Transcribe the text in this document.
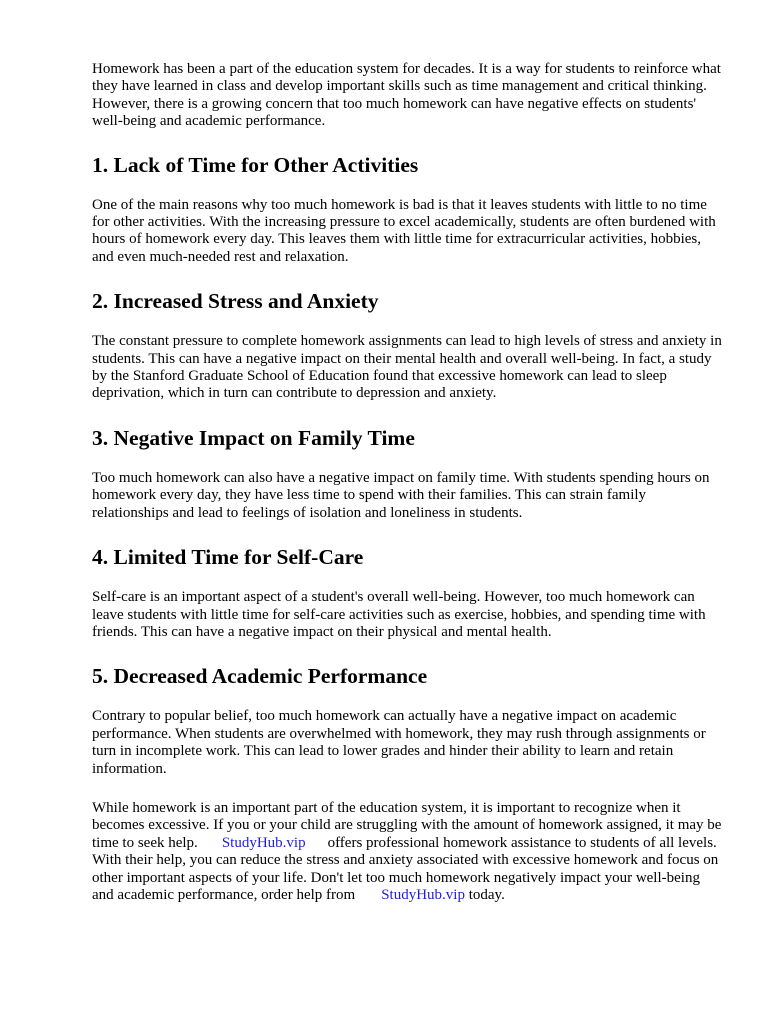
Homework has been a part of the education system for decades. It is a way for students to reinforce what they have learned in class and develop important skills such as time management and critical thinking. However, there is a growing concern that too much homework can have negative effects on students' well-being and academic performance.

1. Lack of Time for Other Activities

One of the main reasons why too much homework is bad is that it leaves students with little to no time for other activities. With the increasing pressure to excel academically, students are often burdened with hours of homework every day. This leaves them with little time for extracurricular activities, hobbies, and even much-needed rest and relaxation.

2. Increased Stress and Anxiety

The constant pressure to complete homework assignments can lead to high levels of stress and anxiety in students. This can have a negative impact on their mental health and overall well-being. In fact, a study by the Stanford Graduate School of Education found that excessive homework can lead to sleep deprivation, which in turn can contribute to depression and anxiety.

3. Negative Impact on Family Time

Too much homework can also have a negative impact on family time. With students spending hours on homework every day, they have less time to spend with their families. This can strain family relationships and lead to feelings of isolation and loneliness in students.

4. Limited Time for Self-Care

Self-care is an important aspect of a student's overall well-being. However, too much homework can leave students with little time for self-care activities such as exercise, hobbies, and spending time with friends. This can have a negative impact on their physical and mental health.

5. Decreased Academic Performance

Contrary to popular belief, too much homework can actually have a negative impact on academic performance. When students are overwhelmed with homework, they may rush through assignments or turn in incomplete work. This can lead to lower grades and hinder their ability to learn and retain information.

While homework is an important part of the education system, it is important to recognize when it becomes excessive. If you or your child are struggling with the amount of homework assigned, it may be time to seek help. StudyHub.vip offers professional homework assistance to students of all levels. With their help, you can reduce the stress and anxiety associated with excessive homework and focus on other important aspects of your life. Don't let too much homework negatively impact your well-being and academic performance, order help from StudyHub.vip today.
